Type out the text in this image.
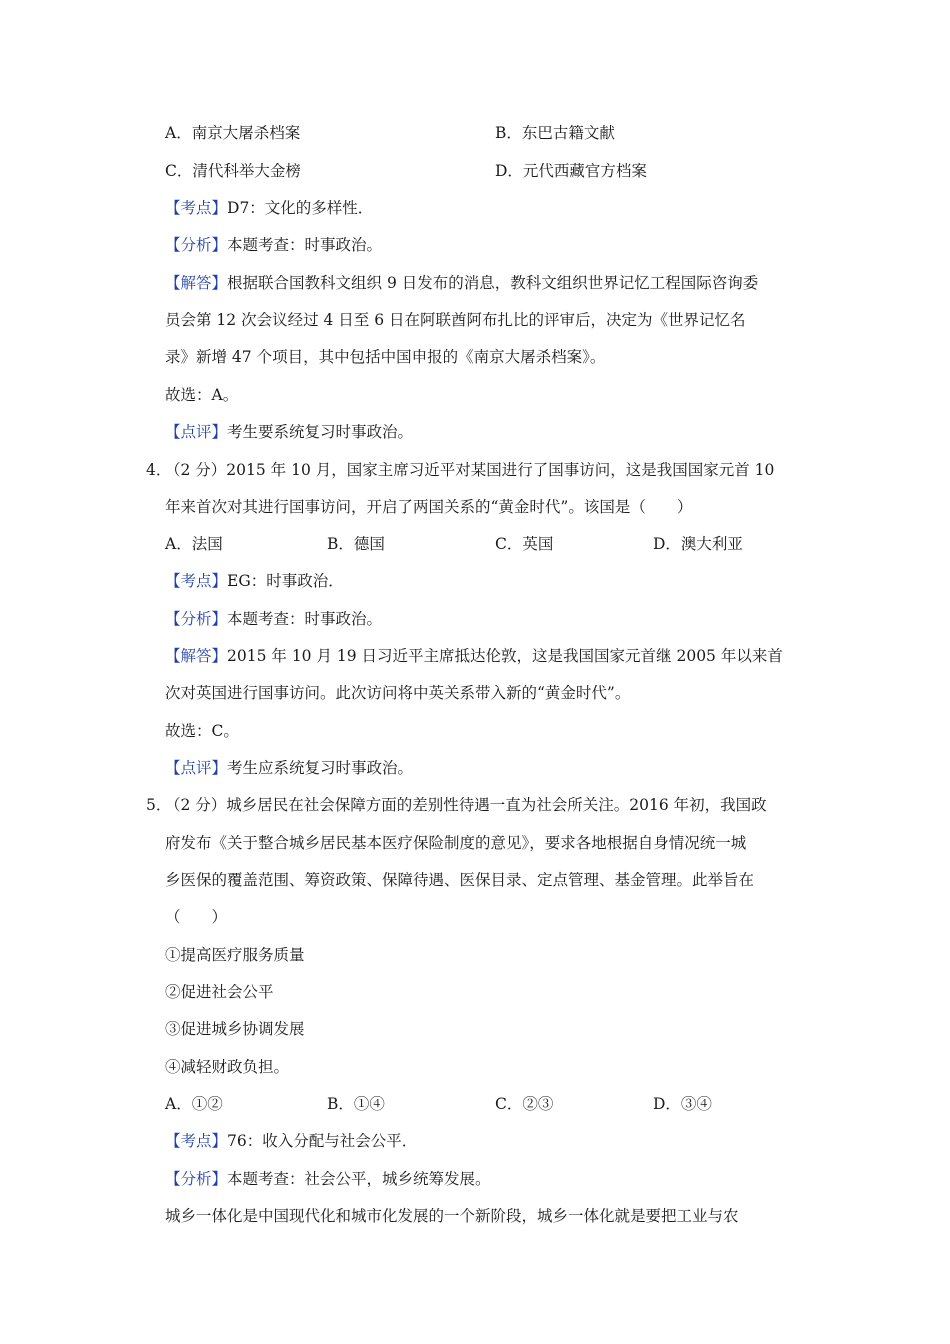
A．南京大屠杀档案	B．东巴古籍文献
C．清代科举大金榜	D．元代西藏官方档案
【考点】D7：文化的多样性．
【分析】本题考查：时事政治。
【解答】根据联合国教科文组织 9 日发布的消息，教科文组织世界记忆工程国际咨询委
员会第 12 次会议经过 4 日至 6 日在阿联酋阿布扎比的评审后，决定为《世界记忆名
录》新增 47 个项目，其中包括中国申报的《南京大屠杀档案》。
故选：A。
【点评】考生要系统复习时事政治。
4．
（2 分）2015 年 10 月，国家主席习近平对某国进行了国事访问，这是我国国家元首 10
年来首次对其进行国事访问，开启了两国关系的“黄金时代”。该国是（　　）
A．法国	B．德国	C．英国	D．澳大利亚
【考点】EG：时事政治．
【分析】本题考查：时事政治。
【解答】2015 年 10 月 19 日习近平主席抵达伦敦，这是我国国家元首继 2005 年以来首
次对英国进行国事访问。此次访问将中英关系带入新的“黄金时代”。
故选：C。
【点评】考生应系统复习时事政治。
5．
（2 分）城乡居民在社会保障方面的差别性待遇一直为社会所关注。2016 年初，我国政
府发布《关于整合城乡居民基本医疗保险制度的意见》，要求各地根据自身情况统一城
乡医保的覆盖范围、筹资政策、保障待遇、医保目录、定点管理、基金管理。此举旨在
（　　）
①提高医疗服务质量
②促进社会公平
③促进城乡协调发展
④减轻财政负担。
A．①②	B．①④	C．②③	D．③④
【考点】76：收入分配与社会公平．
【分析】本题考查：社会公平，城乡统筹发展。
城乡一体化是中国现代化和城市化发展的一个新阶段，城乡一体化就是要把工业与农
